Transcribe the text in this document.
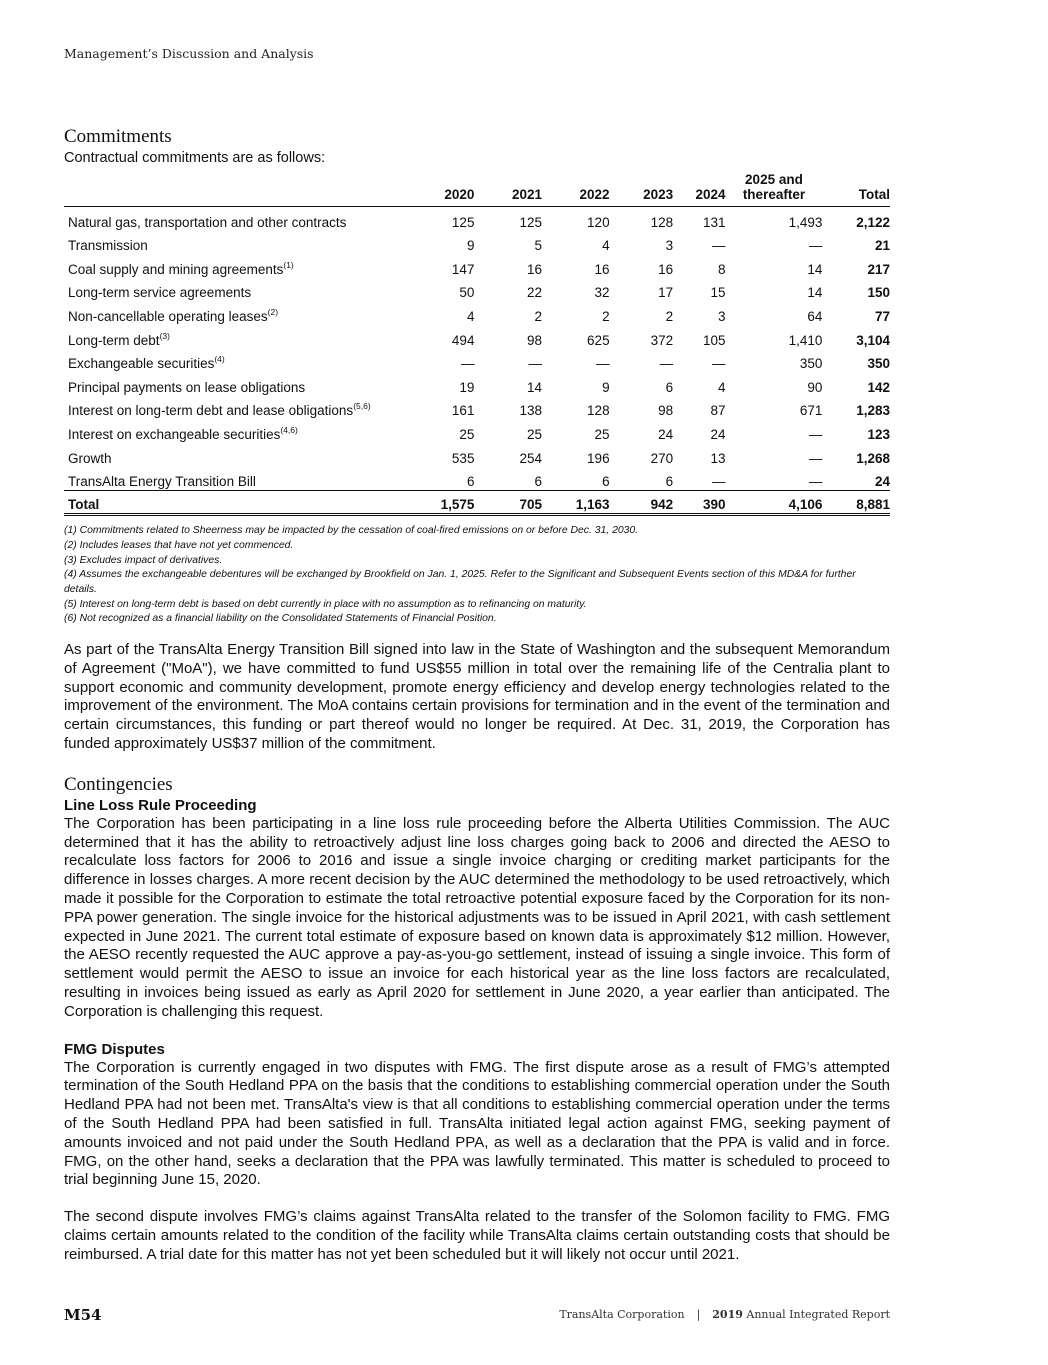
Management’s Discussion and Analysis
Commitments

Contractual commitments are as follows:

	2020	2021	2022	2023	2024	2025 and
thereafter	Total
Natural gas, transportation and other contracts	125	125	120	128	131	1,493	2,122
Transmission	9	5	4	3	—	—	21
Coal supply and mining agreements$^{(1)}$	147	16	16	16	8	14	217
Long-term service agreements	50	22	32	17	15	14	150
Non-cancellable operating leases$^{(2)}$	4	2	2	2	3	64	77
Long-term debt$^{(3)}$	494	98	625	372	105	1,410	3,104
Exchangeable securities$^{(4)}$	—	—	—	—	—	350	350
Principal payments on lease obligations	19	14	9	6	4	90	142
Interest on long-term debt and lease obligations$^{(5,6)}$	161	138	128	98	87	671	1,283
Interest on exchangeable securities$^{(4,6)}$	25	25	25	24	24	—	123
Growth	535	254	196	270	13	—	1,268
TransAlta Energy Transition Bill	6	6	6	6	—	—	24
Total	1,575	705	1,163	942	390	4,106	8,881
(1) Commitments related to Sheerness may be impacted by the cessation of coal-fired emissions on or before Dec. 31, 2030.
(2) Includes leases that have not yet commenced.
(3) Excludes impact of derivatives.
(4) Assumes the exchangeable debentures will be exchanged by Brookfield on Jan. 1, 2025. Refer to the Significant and Subsequent Events section of this MD&A for further details.
(5) Interest on long-term debt is based on debt currently in place with no assumption as to refinancing on maturity.
(6) Not recognized as a financial liability on the Consolidated Statements of Financial Position.

As part of the TransAlta Energy Transition Bill signed into law in the State of Washington and the subsequent Memorandum of Agreement ("MoA"), we have committed to fund US$55 million in total over the remaining life of the Centralia plant to support economic and community development, promote energy efficiency and develop energy technologies related to the improvement of the environment. The MoA contains certain provisions for termination and in the event of the termination and certain circumstances, this funding or part thereof would no longer be required. At Dec. 31, 2019, the Corporation has funded approximately US$37 million of the commitment.

Contingencies

Line Loss Rule Proceeding

The Corporation has been participating in a line loss rule proceeding before the Alberta Utilities Commission. The AUC determined that it has the ability to retroactively adjust line loss charges going back to 2006 and directed the AESO to recalculate loss factors for 2006 to 2016 and issue a single invoice charging or crediting market participants for the difference in losses charges. A more recent decision by the AUC determined the methodology to be used retroactively, which made it possible for the Corporation to estimate the total retroactive potential exposure faced by the Corporation for its non-PPA power generation. The single invoice for the historical adjustments was to be issued in April 2021, with cash settlement expected in June 2021. The current total estimate of exposure based on known data is approximately $12 million. However, the AESO recently requested the AUC approve a pay-as-you-go settlement, instead of issuing a single invoice. This form of settlement would permit the AESO to issue an invoice for each historical year as the line loss factors are recalculated, resulting in invoices being issued as early as April 2020 for settlement in June 2020, a year earlier than anticipated. The Corporation is challenging this request.

FMG Disputes

The Corporation is currently engaged in two disputes with FMG. The first dispute arose as a result of FMG’s attempted termination of the South Hedland PPA on the basis that the conditions to establishing commercial operation under the South Hedland PPA had not been met. TransAlta's view is that all conditions to establishing commercial operation under the terms of the South Hedland PPA had been satisfied in full. TransAlta initiated legal action against FMG, seeking payment of amounts invoiced and not paid under the South Hedland PPA, as well as a declaration that the PPA is valid and in force. FMG, on the other hand, seeks a declaration that the PPA was lawfully terminated. This matter is scheduled to proceed to trial beginning June 15, 2020.

The second dispute involves FMG’s claims against TransAlta related to the transfer of the Solomon facility to FMG. FMG claims certain amounts related to the condition of the facility while TransAlta claims certain outstanding costs that should be reimbursed. A trial date for this matter has not yet been scheduled but it will likely not occur until 2021.

M54	TransAlta Corporation | 2019 Annual Integrated Report
